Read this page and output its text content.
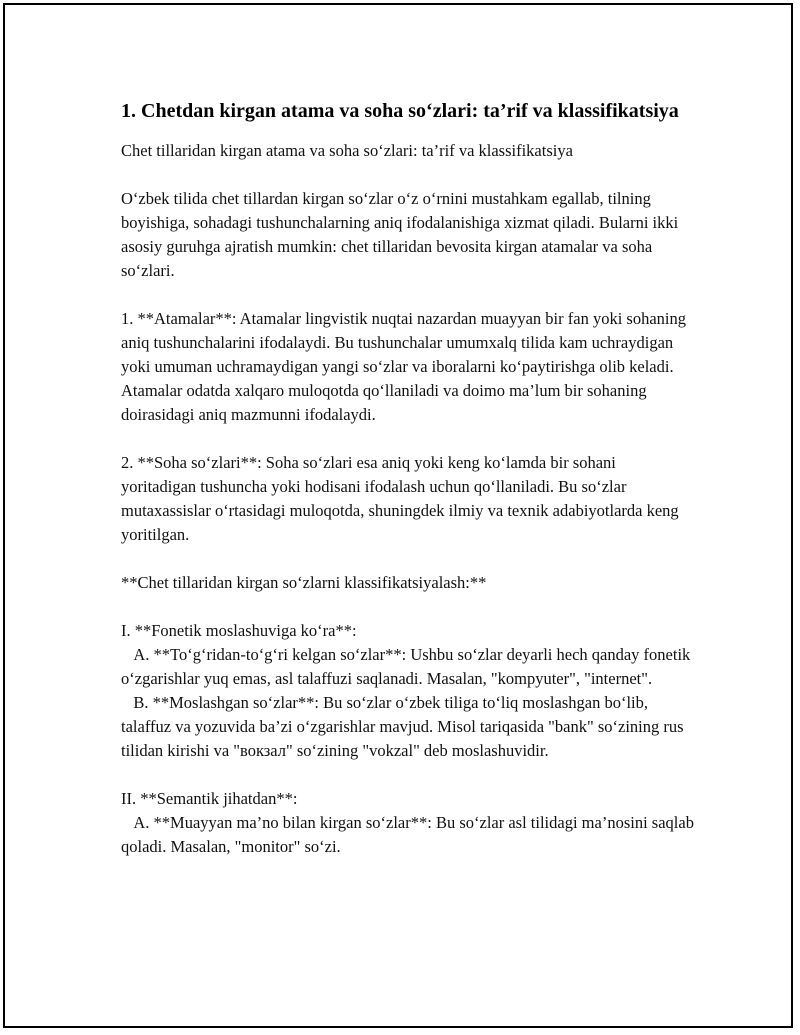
1. Chetdan kirgan atama va soha so‘zlari: ta’rif va klassifikatsiya

Chet tillaridan kirgan atama va soha so‘zlari: ta’rif va klassifikatsiya

O‘zbek tilida chet tillardan kirgan so‘zlar o‘z o‘rnini mustahkam egallab, tilning boyishiga, sohadagi tushunchalarning aniq ifodalanishiga xizmat qiladi. Bularni ikki asosiy guruhga ajratish mumkin: chet tillaridan bevosita kirgan atamalar va soha so‘zlari.

1. **Atamalar**: Atamalar lingvistik nuqtai nazardan muayyan bir fan yoki sohaning aniq tushunchalarini ifodalaydi. Bu tushunchalar umumxalq tilida kam uchraydigan yoki umuman uchramaydigan yangi so‘zlar va iboralarni ko‘paytirishga olib keladi. Atamalar odatda xalqaro muloqotda qo‘llaniladi va doimo ma’lum bir sohaning doirasidagi aniq mazmunni ifodalaydi.

2. **Soha so‘zlari**: Soha so‘zlari esa aniq yoki keng ko‘lamda bir sohani yoritadigan tushuncha yoki hodisani ifodalash uchun qo‘llaniladi. Bu so‘zlar mutaxassislar o‘rtasidagi muloqotda, shuningdek ilmiy va texnik adabiyotlarda keng yoritilgan.

**Chet tillaridan kirgan so‘zlarni klassifikatsiyalash:**

I. **Fonetik moslashuviga ko‘ra**:
A. **To‘g‘ridan-to‘g‘ri kelgan so‘zlar**: Ushbu so‘zlar deyarli hech qanday fonetik o‘zgarishlar yuq emas, asl talaffuzi saqlanadi. Masalan, "kompyuter", "internet".
B. **Moslashgan so‘zlar**: Bu so‘zlar o‘zbek tiliga to‘liq moslashgan bo‘lib, talaffuz va yozuvida ba’zi o‘zgarishlar mavjud. Misol tariqasida "bank" so‘zining rus tilidan kirishi va "вокзал" so‘zining "vokzal" deb moslashuvidir.

II. **Semantik jihatdan**:
A. **Muayyan ma’no bilan kirgan so‘zlar**: Bu so‘zlar asl tilidagi ma’nosini saqlab qoladi. Masalan, "monitor" so‘zi.
